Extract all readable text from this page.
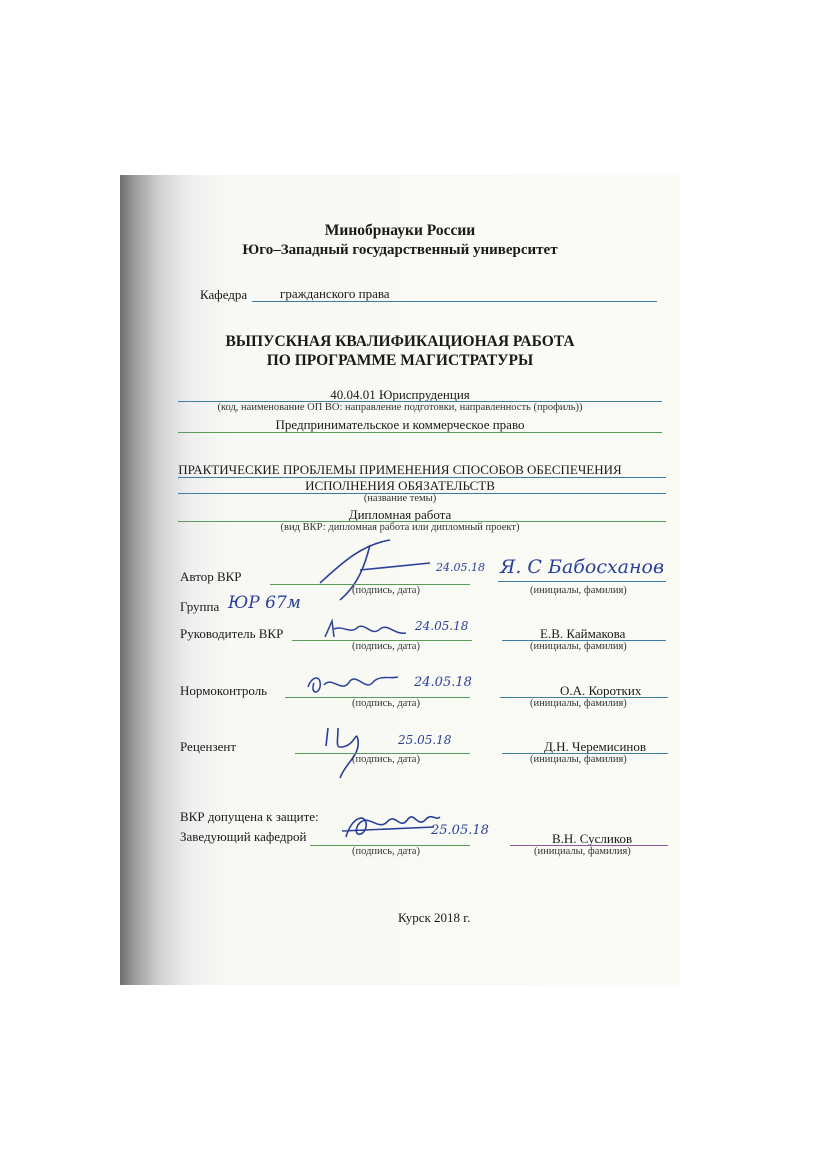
Минобрнауки России
Юго–Западный государственный университет
Кафедра	гражданского права
ВЫПУСКНАЯ КВАЛИФИКАЦИОНАЯ РАБОТА
ПО ПРОГРАММЕ МАГИСТРАТУРЫ
40.04.01 Юриспруденция
(код, наименование ОП ВО: направление подготовки, направленность (профиль))
Предпринимательское и коммерческое право
ПРАКТИЧЕСКИЕ ПРОБЛЕМЫ ПРИМЕНЕНИЯ СПОСОБОВ ОБЕСПЕЧЕНИЯ
ИСПОЛНЕНИЯ ОБЯЗАТЕЛЬСТВ
(название темы)
Дипломная работа
(вид ВКР: дипломная работа или дипломный проект)
Автор ВКР
24.05.18
(подпись, дата)
Я. С Бабосханов
(инициалы, фамилия)
Группа ЮР 67м
Руководитель ВКР	24.05.18
(подпись, дата)
Е.В. Каймакова
(инициалы, фамилия)
Нормоконтроль
24.05.18
(подпись, дата)
О.А. Коротких
(инициалы, фамилия)
Рецензент	25.05.18
(подпись, дата)
Д.Н. Черемисинов
(инициалы, фамилия)
ВКР допущена к защите:
Заведующий кафедрой	25.05.18
(подпись, дата)
В.Н. Сусликов
(инициалы, фамилия)
Курск 2018 г.
